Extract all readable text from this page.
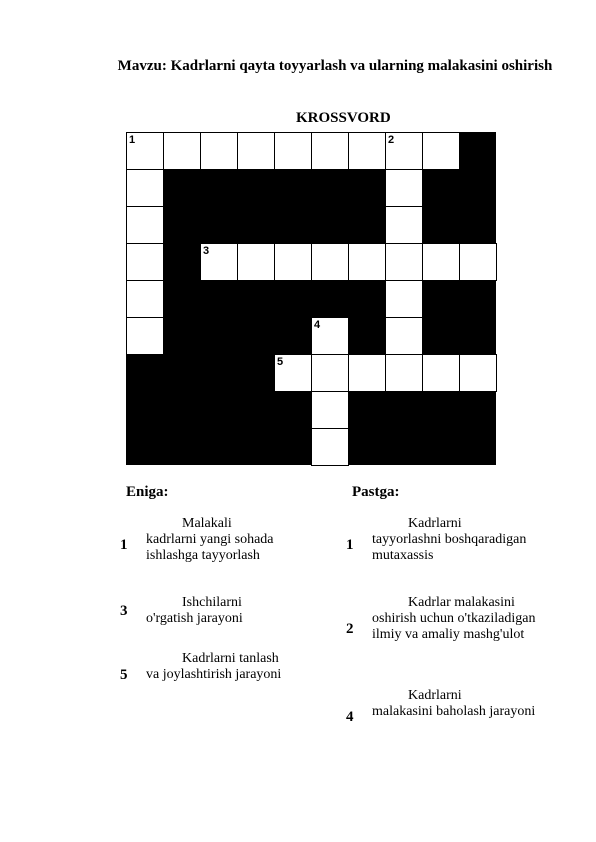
Mavzu: Kadrlarni qayta toyyarlash va ularning malakasini oshirish
KROSSVORD
1	2
3
4
5
Eniga:	Pastga:
1
Malakali
kadrlarni yangi sohada ishlashga tayyorlash
3
Ishchilarni
o'rgatish jarayoni
5
Kadrlarni tanlash
va joylashtirish jarayoni
1
Kadrlarni
tayyorlashni boshqaradigan mutaxassis
2
Kadrlar malakasini
oshirish uchun o'tkaziladigan ilmiy va amaliy mashg'ulot
4
Kadrlarni
malakasini baholash jarayoni
